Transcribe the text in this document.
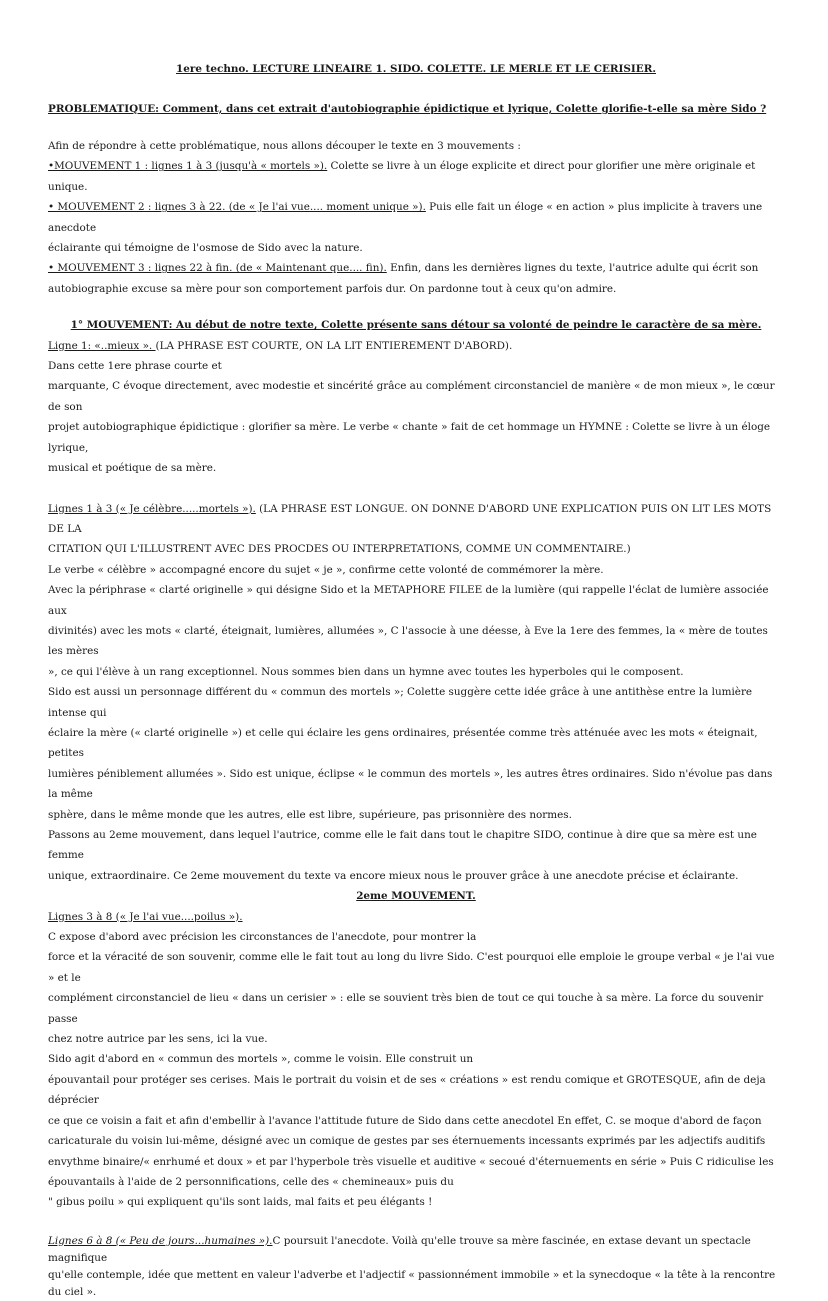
1ere techno. LECTURE LINEAIRE 1. SIDO. COLETTE. LE MERLE ET LE CERISIER.

PROBLEMATIQUE: Comment, dans cet extrait d'autobiographie épidictique et lyrique, Colette glorifie-t-elle sa mère Sido ?

Afin de répondre à cette problématique, nous allons découper le texte en 3 mouvements :

•MOUVEMENT 1 : lignes 1 à 3 (jusqu'à « mortels »). Colette se livre à un éloge explicite et direct pour glorifier une mère originale et unique.

• MOUVEMENT 2 : lignes 3 à 22. (de « Je l'ai vue.... moment unique »). Puis elle fait un éloge « en action » plus implicite à travers une anecdote

éclairante qui témoigne de l'osmose de Sido avec la nature.

• MOUVEMENT 3 : lignes 22 à fin. (de « Maintenant que.... fin). Enfin, dans les dernières lignes du texte, l'autrice adulte qui écrit son

autobiographie excuse sa mère pour son comportement parfois dur. On pardonne tout à ceux qu'on admire.

1° MOUVEMENT: Au début de notre texte, Colette présente sans détour sa volonté de peindre le caractère de sa mère.

Ligne 1: «..mieux ». (LA PHRASE EST COURTE, ON LA LIT ENTIEREMENT D'ABORD).

Dans cette 1ere phrase courte et

marquante, C évoque directement, avec modestie et sincérité grâce au complément circonstanciel de manière « de mon mieux », le cœur de son

projet autobiographique épidictique : glorifier sa mère. Le verbe « chante » fait de cet hommage un HYMNE : Colette se livre à un éloge lyrique,

musical et poétique de sa mère.

Lignes 1 à 3 (« Je célèbre.....mortels »). (LA PHRASE EST LONGUE. ON DONNE D'ABORD UNE EXPLICATION PUIS ON LIT LES MOTS DE LA

CITATION QUI L'ILLUSTRENT AVEC DES PROCDES OU INTERPRETATIONS, COMME UN COMMENTAIRE.)

Le verbe « célèbre » accompagné encore du sujet « je », confirme cette volonté de commémorer la mère.

Avec la périphrase « clarté originelle » qui désigne Sido et la METAPHORE FILEE de la lumière (qui rappelle l'éclat de lumière associée aux

divinités) avec les mots « clarté, éteignait, lumières, allumées », C l'associe à une déesse, à Eve la 1ere des femmes, la « mère de toutes les mères

», ce qui l'élève à un rang exceptionnel. Nous sommes bien dans un hymne avec toutes les hyperboles qui le composent.

Sido est aussi un personnage différent du « commun des mortels »; Colette suggère cette idée grâce à une antithèse entre la lumière intense qui

éclaire la mère (« clarté originelle ») et celle qui éclaire les gens ordinaires, présentée comme très atténuée avec les mots « éteignait, petites

lumières péniblement allumées ». Sido est unique, éclipse « le commun des mortels », les autres êtres ordinaires. Sido n'évolue pas dans la même

sphère, dans le même monde que les autres, elle est libre, supérieure, pas prisonnière des normes.

Passons au 2eme mouvement, dans lequel l'autrice, comme elle le fait dans tout le chapitre SIDO, continue à dire que sa mère est une femme

unique, extraordinaire. Ce 2eme mouvement du texte va encore mieux nous le prouver grâce à une anecdote précise et éclairante.

2eme MOUVEMENT.

Lignes 3 à 8 (« Je l'ai vue....poilus »).

C expose d'abord avec précision les circonstances de l'anecdote, pour montrer la

force et la véracité de son souvenir, comme elle le fait tout au long du livre Sido. C'est pourquoi elle emploie le groupe verbal « je l'ai vue » et le

complément circonstanciel de lieu « dans un cerisier » : elle se souvient très bien de tout ce qui touche à sa mère. La force du souvenir passe

chez notre autrice par les sens, ici la vue.

Sido agit d'abord en « commun des mortels », comme le voisin. Elle construit un

épouvantail pour protéger ses cerises. Mais le portrait du voisin et de ses « créations » est rendu comique et GROTESQUE, afin de deja déprécier

ce que ce voisin a fait et afin d'embellir à l'avance l'attitude future de Sido dans cette anecdotel En effet, C. se moque d'abord de façon

caricaturale du voisin lui-même, désigné avec un comique de gestes par ses éternuements incessants exprimés par les adjectifs auditifs

envythme binaire/« enrhumé et doux » et par l'hyperbole très visuelle et auditive « secoué d'éternuements en série » Puis C ridiculise les

épouvantails à l'aide de 2 personnifications, celle des « chemineaux» puis du

" gibus poilu » qui expliquent qu'ils sont laids, mal faits et peu élégants !

Lignes 6 à 8 (« Peu de jours...humaines »).C poursuit l'anecdote. Voilà qu'elle trouve sa mère fascinée, en extase devant un spectacle magnifique

qu'elle contemple, idée que mettent en valeur l'adverbe et l'adjectif « passionnément immobile » et la synecdoque « la tête à la rencontre du ciel ».
